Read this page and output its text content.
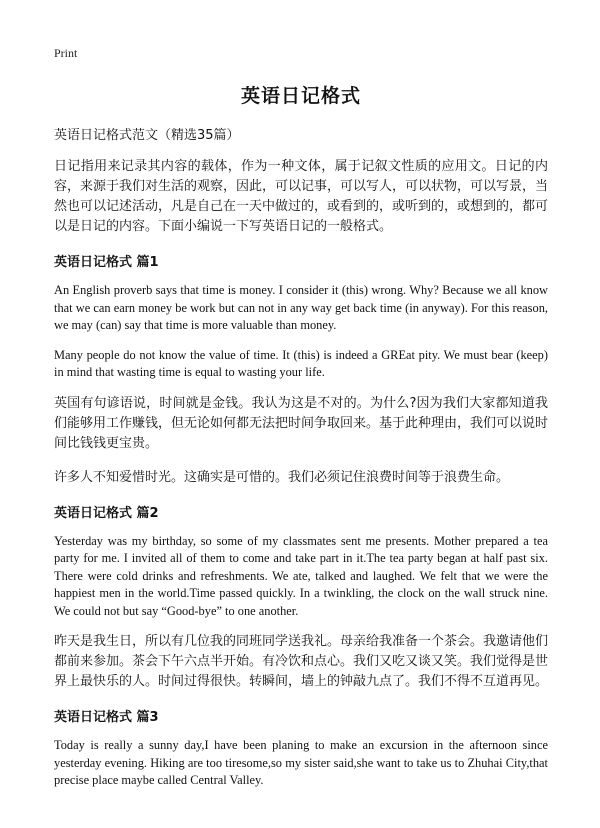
Print
英语日记格式
英语日记格式范文（精选35篇）

日记指用来记录其内容的载体，作为一种文体，属于记叙文性质的应用文。日记的内容，来源于我们对生活的观察，因此，可以记事，可以写人，可以状物，可以写景，当然也可以记述活动，凡是自己在一天中做过的，或看到的，或听到的，或想到的，都可以是日记的内容。下面小编说一下写英语日记的一般格式。

英语日记格式 篇1

An English proverb says that time is money. I consider it (this) wrong. Why? Because we all know that we can earn money be work but can not in any way get back time (in anyway). For this reason, we may (can) say that time is more valuable than money.

Many people do not know the value of time. It (this) is indeed a GREat pity. We must bear (keep) in mind that wasting time is equal to wasting your life.

英国有句谚语说，时间就是金钱。我认为这是不对的。为什么?因为我们大家都知道我们能够用工作赚钱，但无论如何都无法把时间争取回来。基于此种理由，我们可以说时间比钱钱更宝贵。

许多人不知爱惜时光。这确实是可惜的。我们必须记住浪费时间等于浪费生命。

英语日记格式 篇2

Yesterday was my birthday, so some of my classmates sent me presents. Mother prepared a tea party for me. I invited all of them to come and take part in it.The tea party began at half past six. There were cold drinks and refreshments. We ate, talked and laughed. We felt that we were the happiest men in the world.Time passed quickly. In a twinkling, the clock on the wall struck nine. We could not but say “Good-bye” to one another.

昨天是我生日，所以有几位我的同班同学送我礼。母亲给我准备一个茶会。我邀请他们都前来参加。茶会下午六点半开始。有冷饮和点心。我们又吃又谈又笑。我们觉得是世界上最快乐的人。时间过得很快。转瞬间，墙上的钟敲九点了。我们不得不互道再见。

英语日记格式 篇3

Today is really a sunny day,I have been planing to make an excursion in the afternoon since yesterday evening. Hiking are too tiresome,so my sister said,she want to take us to Zhuhai City,that precise place maybe called Central Valley.
